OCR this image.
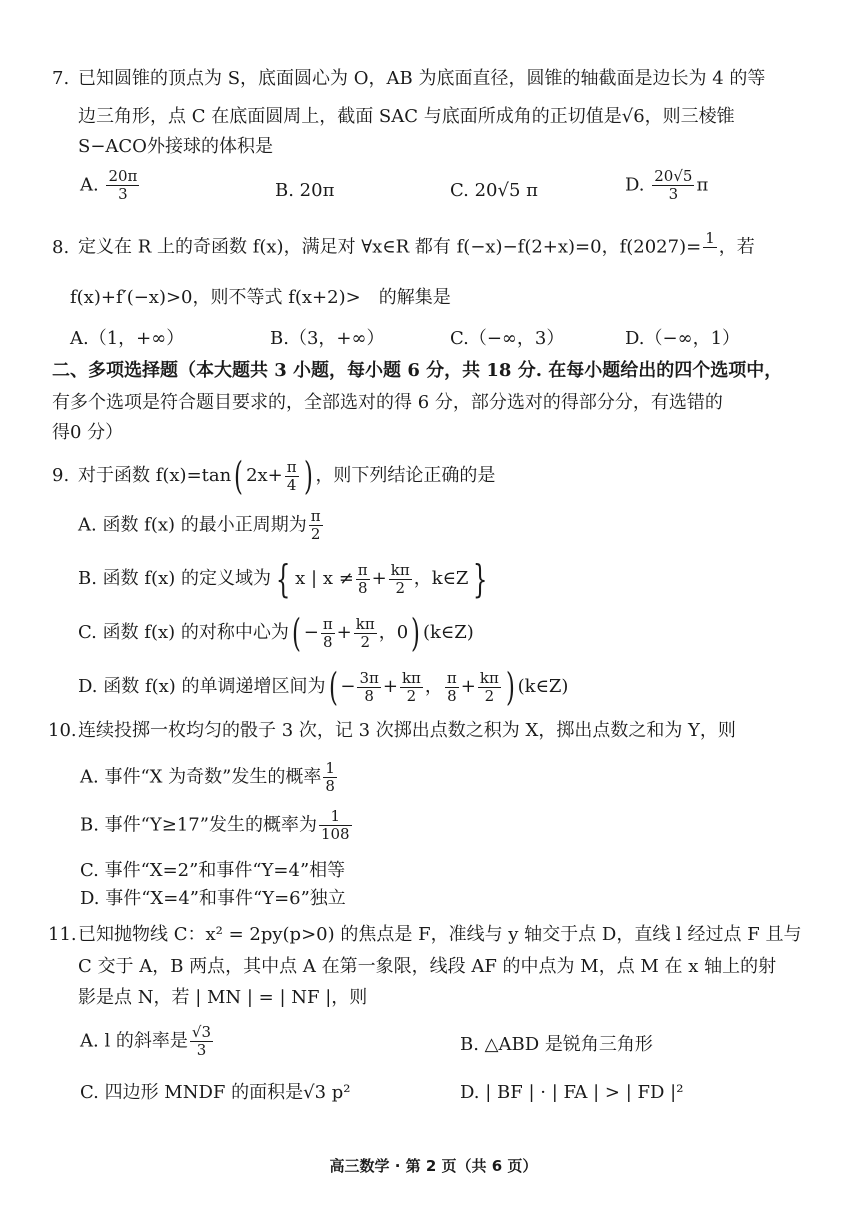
7. 已知圆锥的顶点为 S，底面圆心为 O，AB 为底面直径，圆锥的轴截面是边长为 4 的等
边三角形，点 C 在底面圆周上，截面 SAC 与底面所成角的正切值是√6，则三棱锥
S−ACO外接球的体积是
A. $\frac{20\pi}{3}$	B. 20π	C. 20√5 π	D. $\frac{20√5}{3}$ π
8. 定义在 R 上的奇函数 f(x)，满足对 ∀x∈R 都有 f(−x)−f(2+x)=0，f(2027)= 1
，若
f(x)+f′(−x)>0，则不等式 f(x+2)> 的解集是
A.（1，+∞）	B.（3，+∞）	C.（−∞，3）	D.（−∞，1）
二、多项选择题（本大题共 3 小题，每小题 6 分，共 18 分. 在每小题给出的四个选项中，
有多个选项是符合题目要求的，全部选对的得 6 分，部分选对的得部分分，有选错的
得0 分）
9. 对于函数 f(x)=tan( $2x+ \frac{\pi}{4}$ ) ，则下列结论正确的是
A. 函数 f(x) 的最小正周期为 $\frac{\pi}{2}$
B. 函数 f(x) 的定义域为 { x | $x \ne \frac{\pi}{8} + \frac{k\pi}{2}$ ，k∈Z }
C. 函数 f(x) 的对称中心为( − $\frac{\pi}{8} + \frac{k\pi}{2}$ ，0) (k∈Z)
D. 函数 f(x) 的单调递增区间为( − $\frac{3\pi}{8} + \frac{k\pi}{2}$ ， $\frac{\pi}{8} + \frac{k\pi}{2}$ ) (k∈Z)
10.连续投掷一枚均匀的骰子 3 次，记 3 次掷出点数之积为 X，掷出点数之和为 Y，则
A. 事件“X 为奇数”发生的概率 $\frac{1}{8}$
B. 事件“Y≥17”发生的概率为 $\frac{1}{108}$
C. 事件“X=2”和事件“Y=4”相等
D. 事件“X=4”和事件“Y=6”独立
11.已知抛物线 C：x² = 2py(p>0) 的焦点是 F，准线与 y 轴交于点 D，直线 l 经过点 F 且与
C 交于 A，B 两点，其中点 A 在第一象限，线段 AF 的中点为 M，点 M 在 x 轴上的射
影是点 N，若 | MN | = | NF |，则
A. l 的斜率是 $\frac{√3}{3}$	B. △ABD 是锐角三角形
C. 四边形 MNDF 的面积是√3 p²	D. | BF | · | FA | > | FD |²
高三数学 · 第 2 页（共 6 页）
